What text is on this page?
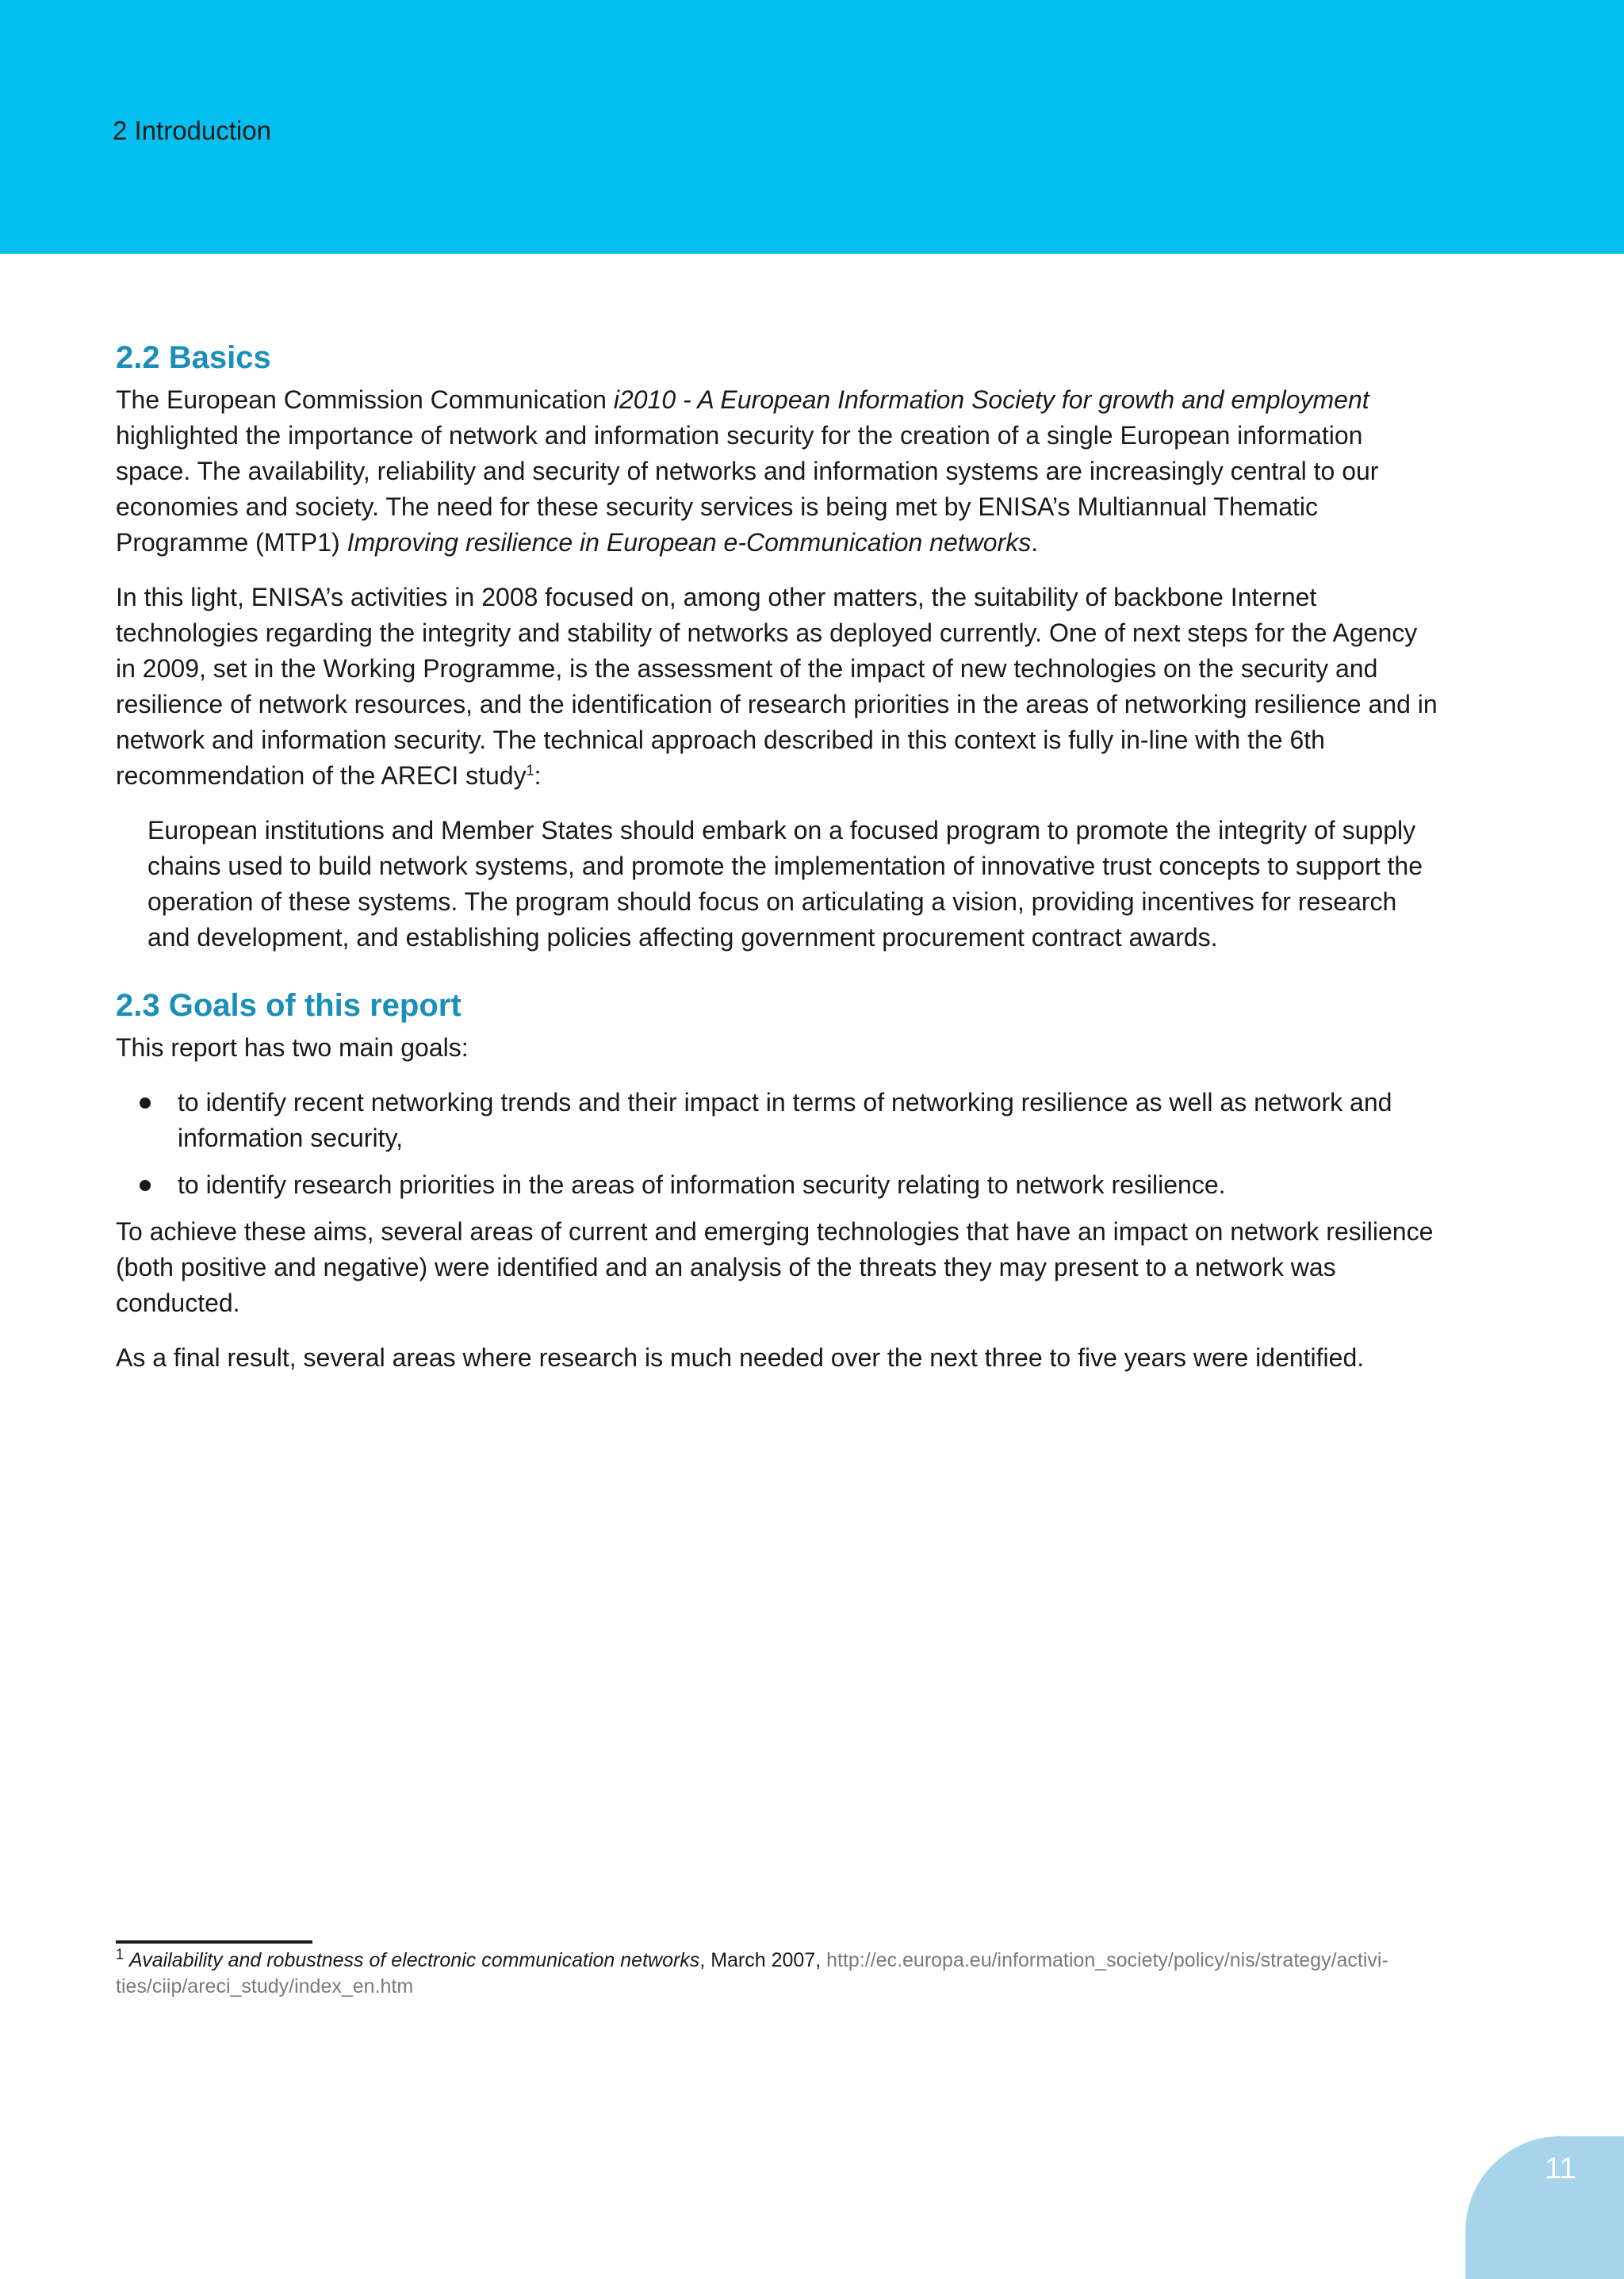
2 Introduction
2.2 Basics

The European Commission Communication i2010 - A European Information Society for growth and employment highlighted the importance of network and information security for the creation of a single European information space. The availability, reliability and security of networks and information systems are increasingly central to our economies and society. The need for these security services is being met by ENISA’s Multiannual Thematic Programme (MTP1) Improving resilience in European e-Communication networks.

In this light, ENISA’s activities in 2008 focused on, among other matters, the suitability of backbone Internet technologies regarding the integrity and stability of networks as deployed currently. One of next steps for the Agency in 2009, set in the Working Programme, is the assessment of the impact of new technologies on the security and resilience of network resources, and the identification of research priorities in the areas of networking resilience and in network and information security. The technical approach described in this context is fully in-line with the 6th recommendation of the ARECI study$^1$:

European institutions and Member States should embark on a focused program to promote the integrity of supply chains used to build network systems, and promote the implementation of innovative trust concepts to support the operation of these systems. The program should focus on articulating a vision, providing incentives for research and development, and establishing policies affecting government procurement contract awards.

2.3 Goals of this report

This report has two main goals:

to identify recent networking trends and their impact in terms of networking resilience as well as network and information security,
to identify research priorities in the areas of information security relating to network resilience.

To achieve these aims, several areas of current and emerging technologies that have an impact on network resilience (both positive and negative) were identified and an analysis of the threats they may present to a network was conducted.

As a final result, several areas where research is much needed over the next three to five years were identified.

$^1$ Availability and robustness of electronic communication networks, March 2007, http://ec.europa.eu/information_society/policy/nis/strategy/activi-ties/ciip/areci_study/index_en.htm
11
